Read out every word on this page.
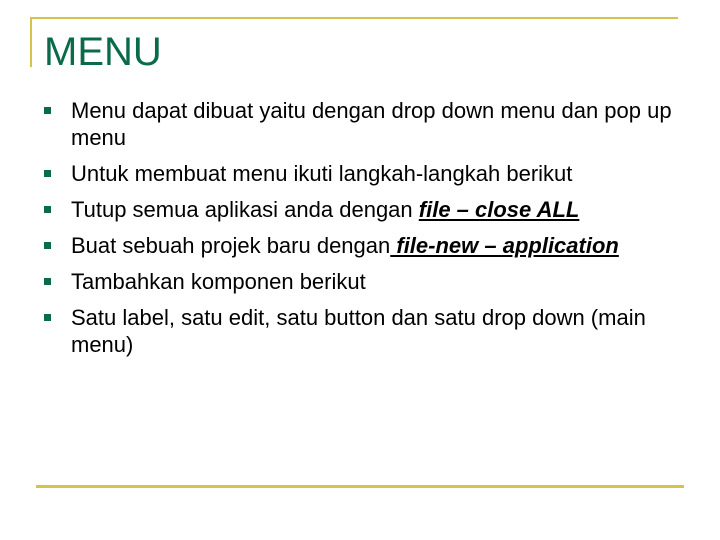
MENU
Menu dapat dibuat yaitu dengan drop down menu dan pop up menu
Untuk membuat menu ikuti langkah-langkah berikut
Tutup semua aplikasi anda dengan file – close ALL
Buat sebuah projek baru dengan file-new – application
Tambahkan komponen berikut
Satu label, satu edit, satu button dan satu drop down (main menu)
